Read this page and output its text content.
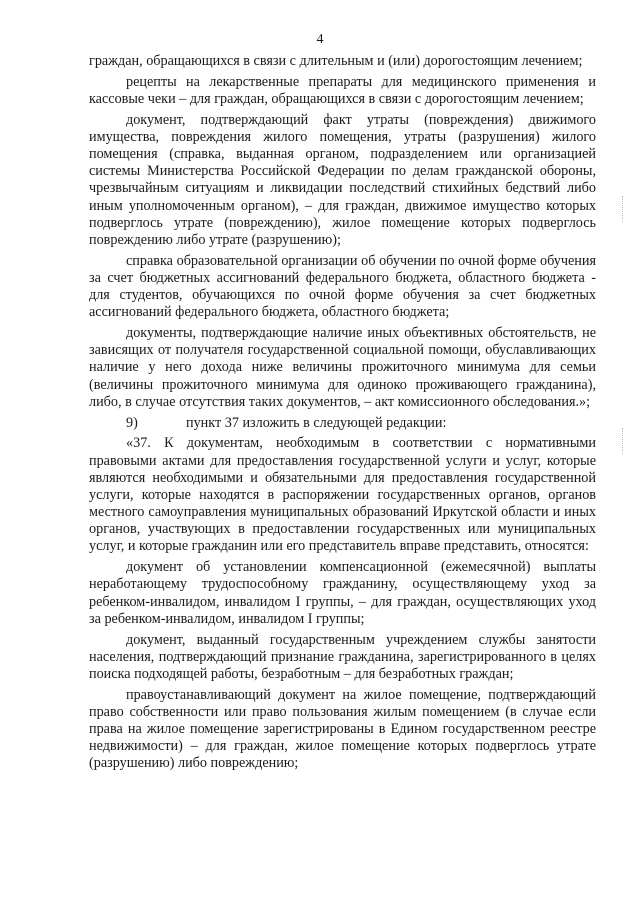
4

граждан, обращающихся в связи с длительным и (или) дорогостоящим лечением;

рецепты на лекарственные препараты для медицинского применения и кассовые чеки – для граждан, обращающихся в связи с дорогостоящим лечением;

документ, подтверждающий факт утраты (повреждения) движимого имущества, повреждения жилого помещения, утраты (разрушения) жилого помещения (справка, выданная органом, подразделением или организацией системы Министерства Российской Федерации по делам гражданской обороны, чрезвычайным ситуациям и ликвидации последствий стихийных бедствий либо иным уполномоченным органом), – для граждан, движимое имущество которых подверглось утрате (повреждению), жилое помещение которых подверглось повреждению либо утрате (разрушению);

справка образовательной организации об обучении по очной форме обучения за счет бюджетных ассигнований федерального бюджета, областного бюджета - для студентов, обучающихся по очной форме обучения за счет бюджетных ассигнований федерального бюджета, областного бюджета;

документы, подтверждающие наличие иных объективных обстоятельств, не зависящих от получателя государственной социальной помощи, обуславливающих наличие у него дохода ниже величины прожиточного минимума для семьи (величины прожиточного минимума для одиноко проживающего гражданина), либо, в случае отсутствия таких документов, – акт комиссионного обследования.»;

9)	пункт 37 изложить в следующей редакции:

«37. К документам, необходимым в соответствии с нормативными правовыми актами для предоставления государственной услуги и услуг, которые являются необходимыми и обязательными для предоставления государственной услуги, которые находятся в распоряжении государственных органов, органов местного самоуправления муниципальных образований Иркутской области и иных органов, участвующих в предоставлении государственных или муниципальных услуг, и которые гражданин или его представитель вправе представить, относятся:

документ об установлении компенсационной (ежемесячной) выплаты неработающему трудоспособному гражданину, осуществляющему уход за ребенком-инвалидом, инвалидом I группы, – для граждан, осуществляющих уход за ребенком-инвалидом, инвалидом I группы;

документ, выданный государственным учреждением службы занятости населения, подтверждающий признание гражданина, зарегистрированного в целях поиска подходящей работы, безработным – для безработных граждан;

правоустанавливающий документ на жилое помещение, подтверждающий право собственности или право пользования жилым помещением (в случае если права на жилое помещение зарегистрированы в Едином государственном реестре недвижимости) – для граждан, жилое помещение которых подверглось утрате (разрушению) либо повреждению;
